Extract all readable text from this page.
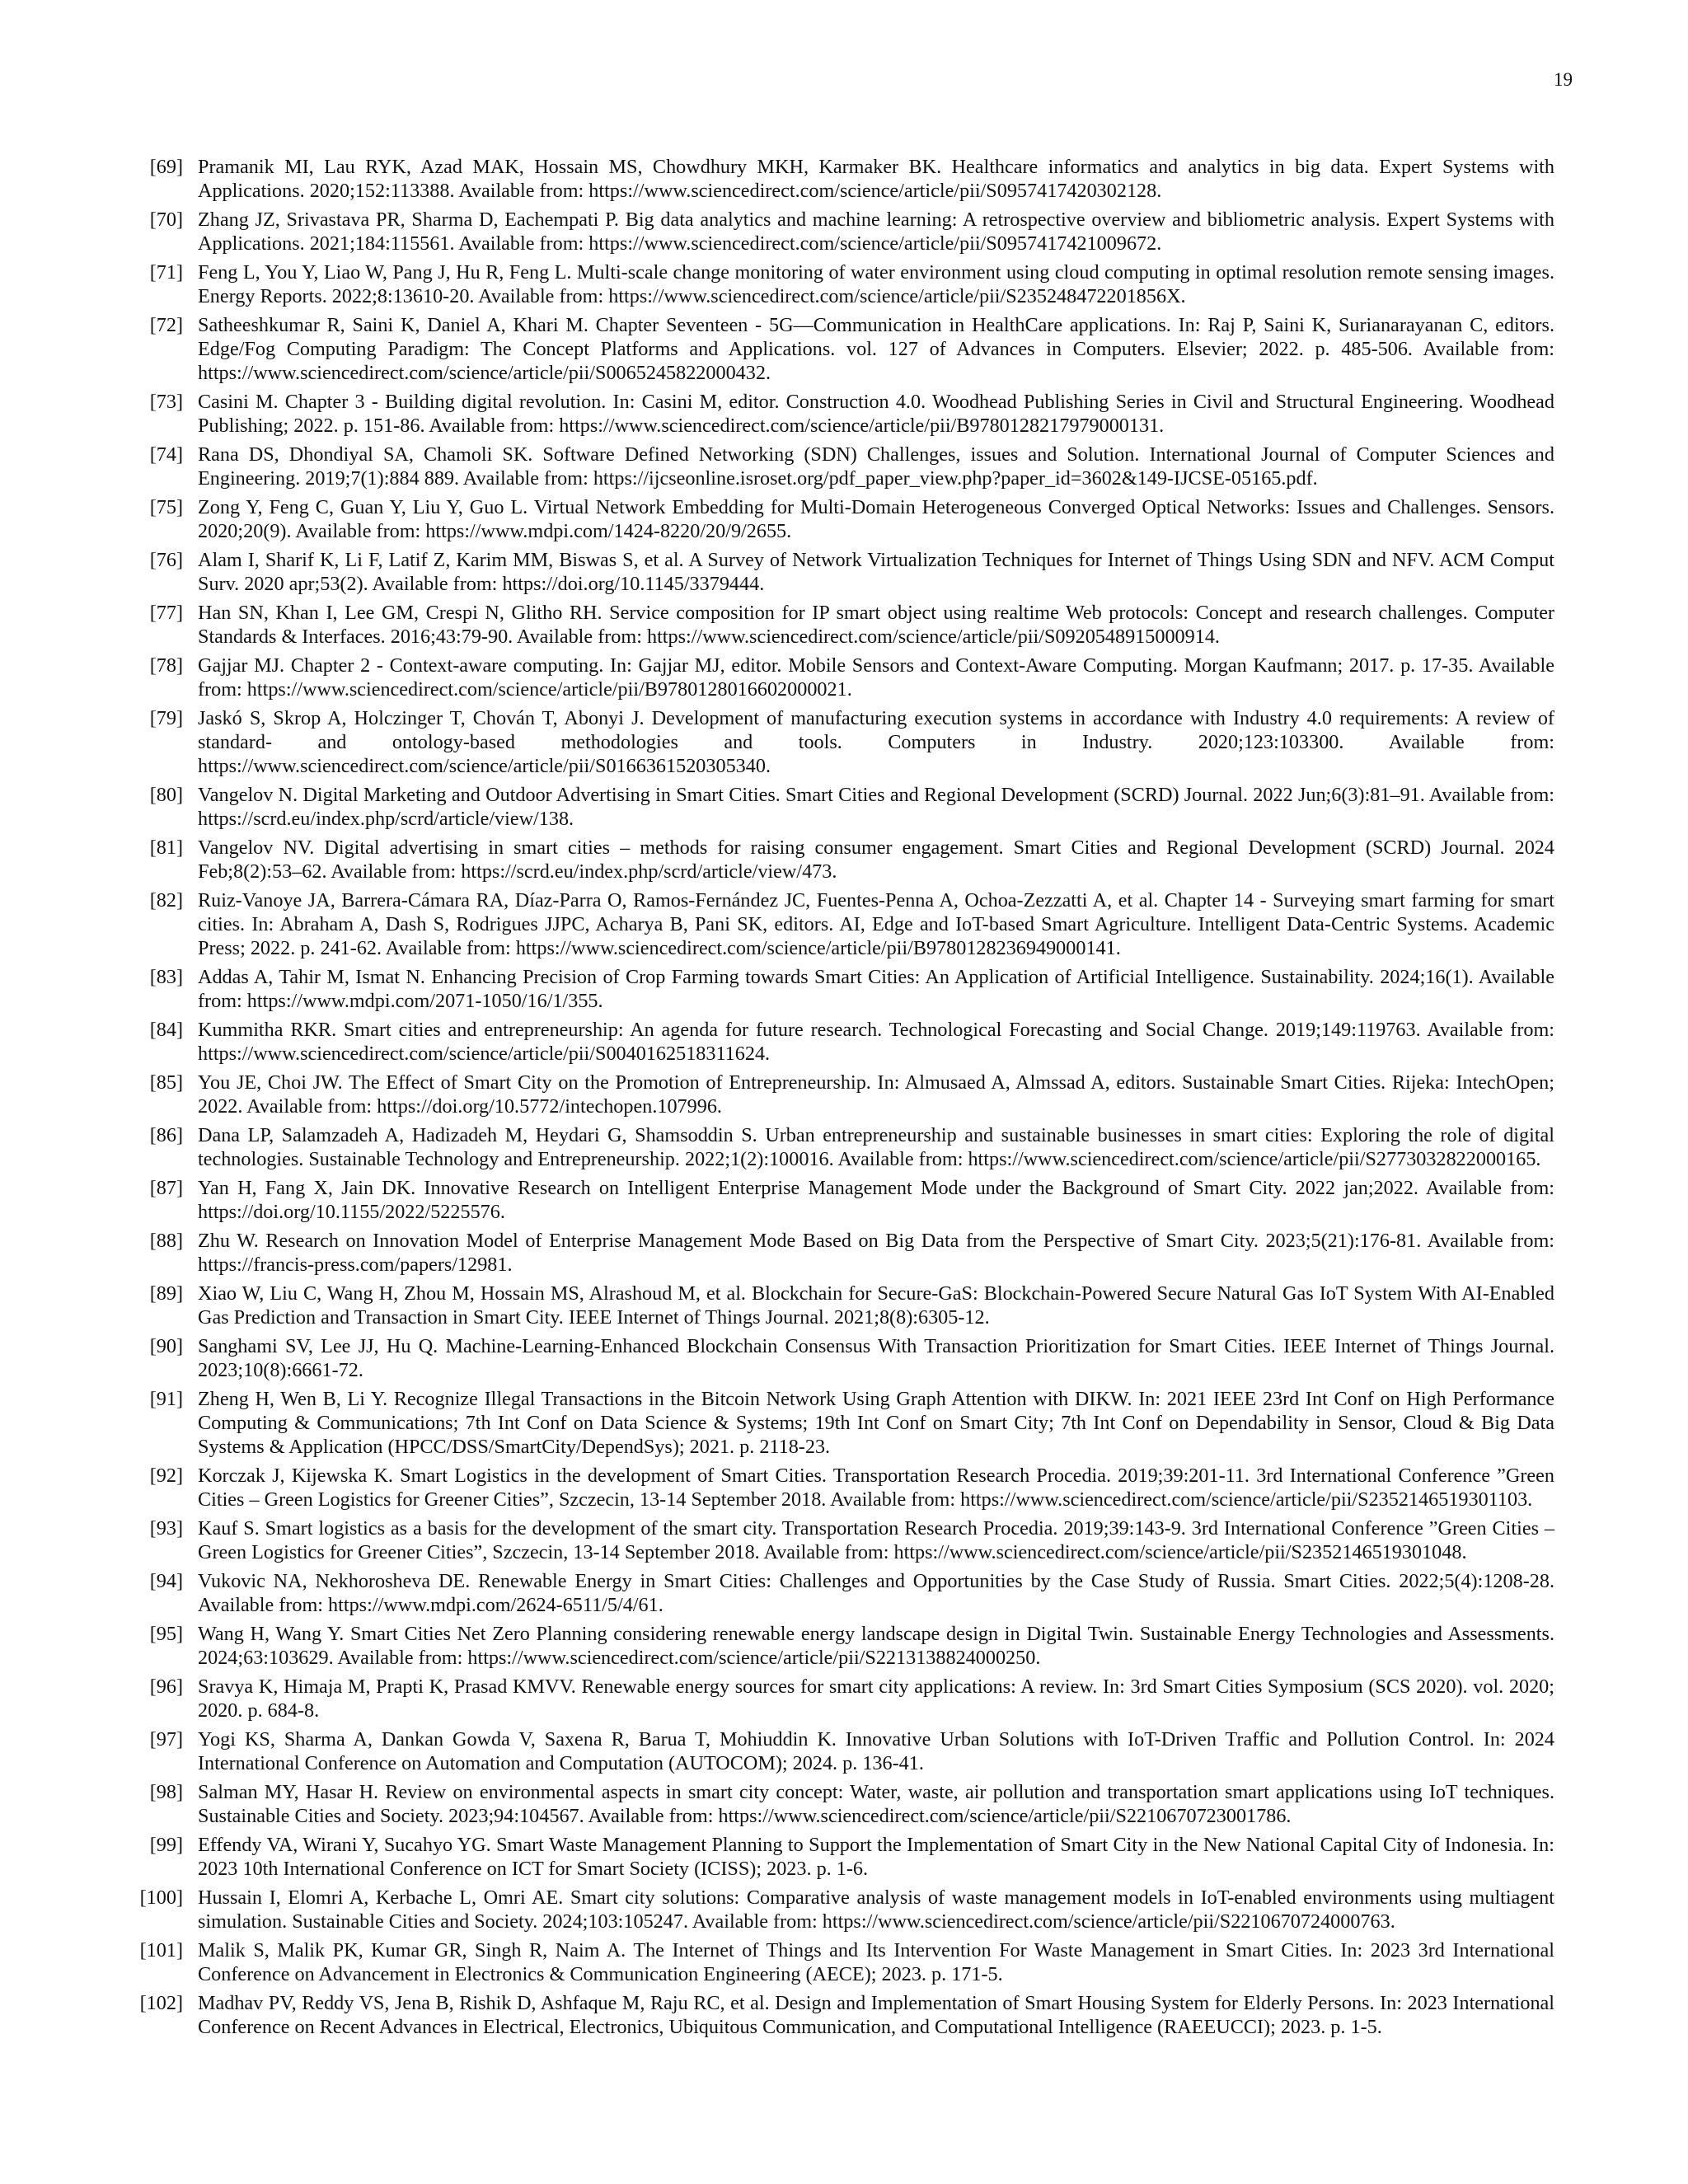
19
[69] Pramanik MI, Lau RYK, Azad MAK, Hossain MS, Chowdhury MKH, Karmaker BK. Healthcare informatics and analytics in big data. Expert Systems with Applications. 2020;152:113388. Available from: https://www.sciencedirect.com/science/article/pii/S0957417420302128.
[70] Zhang JZ, Srivastava PR, Sharma D, Eachempati P. Big data analytics and machine learning: A retrospective overview and bibliometric analysis. Expert Systems with Applications. 2021;184:115561. Available from: https://www.sciencedirect.com/science/article/pii/S0957417421009672.
[71] Feng L, You Y, Liao W, Pang J, Hu R, Feng L. Multi-scale change monitoring of water environment using cloud computing in optimal resolution remote sensing images. Energy Reports. 2022;8:13610-20. Available from: https://www.sciencedirect.com/science/article/pii/S235248472201856X.
[72] Satheeshkumar R, Saini K, Daniel A, Khari M. Chapter Seventeen - 5G—Communication in HealthCare applications. In: Raj P, Saini K, Surianarayanan C, editors. Edge/Fog Computing Paradigm: The Concept Platforms and Applications. vol. 127 of Advances in Computers. Elsevier; 2022. p. 485-506. Available from: https://www.sciencedirect.com/science/article/pii/S0065245822000432.
[73] Casini M. Chapter 3 - Building digital revolution. In: Casini M, editor. Construction 4.0. Woodhead Publishing Series in Civil and Structural Engineering. Woodhead Publishing; 2022. p. 151-86. Available from: https://www.sciencedirect.com/science/article/pii/B9780128217979000131.
[74] Rana DS, Dhondiyal SA, Chamoli SK. Software Defined Networking (SDN) Challenges, issues and Solution. International Journal of Computer Sciences and Engineering. 2019;7(1):884 889. Available from: https://ijcseonline.isroset.org/pdf_paper_view.php?paper_id=3602&149-IJCSE-05165.pdf.
[75] Zong Y, Feng C, Guan Y, Liu Y, Guo L. Virtual Network Embedding for Multi-Domain Heterogeneous Converged Optical Networks: Issues and Challenges. Sensors. 2020;20(9). Available from: https://www.mdpi.com/1424-8220/20/9/2655.
[76] Alam I, Sharif K, Li F, Latif Z, Karim MM, Biswas S, et al. A Survey of Network Virtualization Techniques for Internet of Things Using SDN and NFV. ACM Comput Surv. 2020 apr;53(2). Available from: https://doi.org/10.1145/3379444.
[77] Han SN, Khan I, Lee GM, Crespi N, Glitho RH. Service composition for IP smart object using realtime Web protocols: Concept and research challenges. Computer Standards & Interfaces. 2016;43:79-90. Available from: https://www.sciencedirect.com/science/article/pii/S0920548915000914.
[78] Gajjar MJ. Chapter 2 - Context-aware computing. In: Gajjar MJ, editor. Mobile Sensors and Context-Aware Computing. Morgan Kaufmann; 2017. p. 17-35. Available from: https://www.sciencedirect.com/science/article/pii/B9780128016602000021.
[79] Jaskó S, Skrop A, Holczinger T, Chován T, Abonyi J. Development of manufacturing execution systems in accordance with Industry 4.0 requirements: A review of standard- and ontology-based methodologies and tools. Computers in Industry. 2020;123:103300. Available from: https://www.sciencedirect.com/science/article/pii/S0166361520305340.
[80] Vangelov N. Digital Marketing and Outdoor Advertising in Smart Cities. Smart Cities and Regional Development (SCRD) Journal. 2022 Jun;6(3):81–91. Available from: https://scrd.eu/index.php/scrd/article/view/138.
[81] Vangelov NV. Digital advertising in smart cities – methods for raising consumer engagement. Smart Cities and Regional Development (SCRD) Journal. 2024 Feb;8(2):53–62. Available from: https://scrd.eu/index.php/scrd/article/view/473.
[82] Ruiz-Vanoye JA, Barrera-Cámara RA, Díaz-Parra O, Ramos-Fernández JC, Fuentes-Penna A, Ochoa-Zezzatti A, et al. Chapter 14 - Surveying smart farming for smart cities. In: Abraham A, Dash S, Rodrigues JJPC, Acharya B, Pani SK, editors. AI, Edge and IoT-based Smart Agriculture. Intelligent Data-Centric Systems. Academic Press; 2022. p. 241-62. Available from: https://www.sciencedirect.com/science/article/pii/B9780128236949000141.
[83] Addas A, Tahir M, Ismat N. Enhancing Precision of Crop Farming towards Smart Cities: An Application of Artificial Intelligence. Sustainability. 2024;16(1). Available from: https://www.mdpi.com/2071-1050/16/1/355.
[84] Kummitha RKR. Smart cities and entrepreneurship: An agenda for future research. Technological Forecasting and Social Change. 2019;149:119763. Available from: https://www.sciencedirect.com/science/article/pii/S0040162518311624.
[85] You JE, Choi JW. The Effect of Smart City on the Promotion of Entrepreneurship. In: Almusaed A, Almssad A, editors. Sustainable Smart Cities. Rijeka: IntechOpen; 2022. Available from: https://doi.org/10.5772/intechopen.107996.
[86] Dana LP, Salamzadeh A, Hadizadeh M, Heydari G, Shamsoddin S. Urban entrepreneurship and sustainable businesses in smart cities: Exploring the role of digital technologies. Sustainable Technology and Entrepreneurship. 2022;1(2):100016. Available from: https://www.sciencedirect.com/science/article/pii/S2773032822000165.
[87] Yan H, Fang X, Jain DK. Innovative Research on Intelligent Enterprise Management Mode under the Background of Smart City. 2022 jan;2022. Available from: https://doi.org/10.1155/2022/5225576.
[88] Zhu W. Research on Innovation Model of Enterprise Management Mode Based on Big Data from the Perspective of Smart City. 2023;5(21):176-81. Available from: https://francis-press.com/papers/12981.
[89] Xiao W, Liu C, Wang H, Zhou M, Hossain MS, Alrashoud M, et al. Blockchain for Secure-GaS: Blockchain-Powered Secure Natural Gas IoT System With AI-Enabled Gas Prediction and Transaction in Smart City. IEEE Internet of Things Journal. 2021;8(8):6305-12.
[90] Sanghami SV, Lee JJ, Hu Q. Machine-Learning-Enhanced Blockchain Consensus With Transaction Prioritization for Smart Cities. IEEE Internet of Things Journal. 2023;10(8):6661-72.
[91] Zheng H, Wen B, Li Y. Recognize Illegal Transactions in the Bitcoin Network Using Graph Attention with DIKW. In: 2021 IEEE 23rd Int Conf on High Performance Computing & Communications; 7th Int Conf on Data Science & Systems; 19th Int Conf on Smart City; 7th Int Conf on Dependability in Sensor, Cloud & Big Data Systems & Application (HPCC/DSS/SmartCity/DependSys); 2021. p. 2118-23.
[92] Korczak J, Kijewska K. Smart Logistics in the development of Smart Cities. Transportation Research Procedia. 2019;39:201-11. 3rd International Conference ”Green Cities – Green Logistics for Greener Cities”, Szczecin, 13-14 September 2018. Available from: https://www.sciencedirect.com/science/article/pii/S2352146519301103.
[93] Kauf S. Smart logistics as a basis for the development of the smart city. Transportation Research Procedia. 2019;39:143-9. 3rd International Conference ”Green Cities – Green Logistics for Greener Cities”, Szczecin, 13-14 September 2018. Available from: https://www.sciencedirect.com/science/article/pii/S2352146519301048.
[94] Vukovic NA, Nekhorosheva DE. Renewable Energy in Smart Cities: Challenges and Opportunities by the Case Study of Russia. Smart Cities. 2022;5(4):1208-28. Available from: https://www.mdpi.com/2624-6511/5/4/61.
[95] Wang H, Wang Y. Smart Cities Net Zero Planning considering renewable energy landscape design in Digital Twin. Sustainable Energy Technologies and Assessments. 2024;63:103629. Available from: https://www.sciencedirect.com/science/article/pii/S2213138824000250.
[96] Sravya K, Himaja M, Prapti K, Prasad KMVV. Renewable energy sources for smart city applications: A review. In: 3rd Smart Cities Symposium (SCS 2020). vol. 2020; 2020. p. 684-8.
[97] Yogi KS, Sharma A, Dankan Gowda V, Saxena R, Barua T, Mohiuddin K. Innovative Urban Solutions with IoT-Driven Traffic and Pollution Control. In: 2024 International Conference on Automation and Computation (AUTOCOM); 2024. p. 136-41.
[98] Salman MY, Hasar H. Review on environmental aspects in smart city concept: Water, waste, air pollution and transportation smart applications using IoT techniques. Sustainable Cities and Society. 2023;94:104567. Available from: https://www.sciencedirect.com/science/article/pii/S2210670723001786.
[99] Effendy VA, Wirani Y, Sucahyo YG. Smart Waste Management Planning to Support the Implementation of Smart City in the New National Capital City of Indonesia. In: 2023 10th International Conference on ICT for Smart Society (ICISS); 2023. p. 1-6.
[100] Hussain I, Elomri A, Kerbache L, Omri AE. Smart city solutions: Comparative analysis of waste management models in IoT-enabled environments using multiagent simulation. Sustainable Cities and Society. 2024;103:105247. Available from: https://www.sciencedirect.com/science/article/pii/S2210670724000763.
[101] Malik S, Malik PK, Kumar GR, Singh R, Naim A. The Internet of Things and Its Intervention For Waste Management in Smart Cities. In: 2023 3rd International Conference on Advancement in Electronics & Communication Engineering (AECE); 2023. p. 171-5.
[102] Madhav PV, Reddy VS, Jena B, Rishik D, Ashfaque M, Raju RC, et al. Design and Implementation of Smart Housing System for Elderly Persons. In: 2023 International Conference on Recent Advances in Electrical, Electronics, Ubiquitous Communication, and Computational Intelligence (RAEEUCCI); 2023. p. 1-5.
